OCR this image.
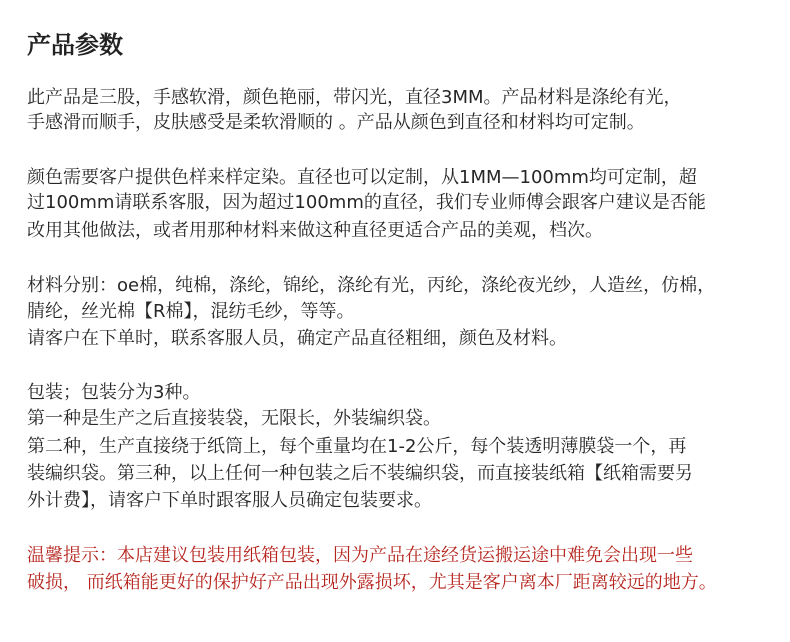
产品参数
此产品是三股，手感软滑，颜色艳丽，带闪光，直径3MM。产品材料是涤纶有光，
手感滑而顺手，皮肤感受是柔软滑顺的 。产品从颜色到直径和材料均可定制。
颜色需要客户提供色样来样定染。直径也可以定制，从1MM—100mm均可定制，超
过100mm请联系客服，因为超过100mm的直径，我们专业师傅会跟客户建议是否能
改用其他做法，或者用那种材料来做这种直径更适合产品的美观，档次。
材料分别：oe棉，纯棉，涤纶，锦纶，涤纶有光，丙纶，涤纶夜光纱，人造丝，仿棉，
腈纶，丝光棉【R棉】，混纺毛纱，等等。
请客户在下单时，联系客服人员，确定产品直径粗细，颜色及材料。
包装；包装分为3种。
第一种是生产之后直接装袋，无限长，外装编织袋。
第二种，生产直接绕于纸筒上，每个重量均在1-2公斤，每个装透明薄膜袋一个，再
装编织袋。第三种，以上任何一种包装之后不装编织袋，而直接装纸箱【纸箱需要另
外计费】，请客户下单时跟客服人员确定包装要求。
温馨提示：本店建议包装用纸箱包装，因为产品在途经货运搬运途中难免会出现一些
破损， 而纸箱能更好的保护好产品出现外露损坏，尤其是客户离本厂距离较远的地方。
